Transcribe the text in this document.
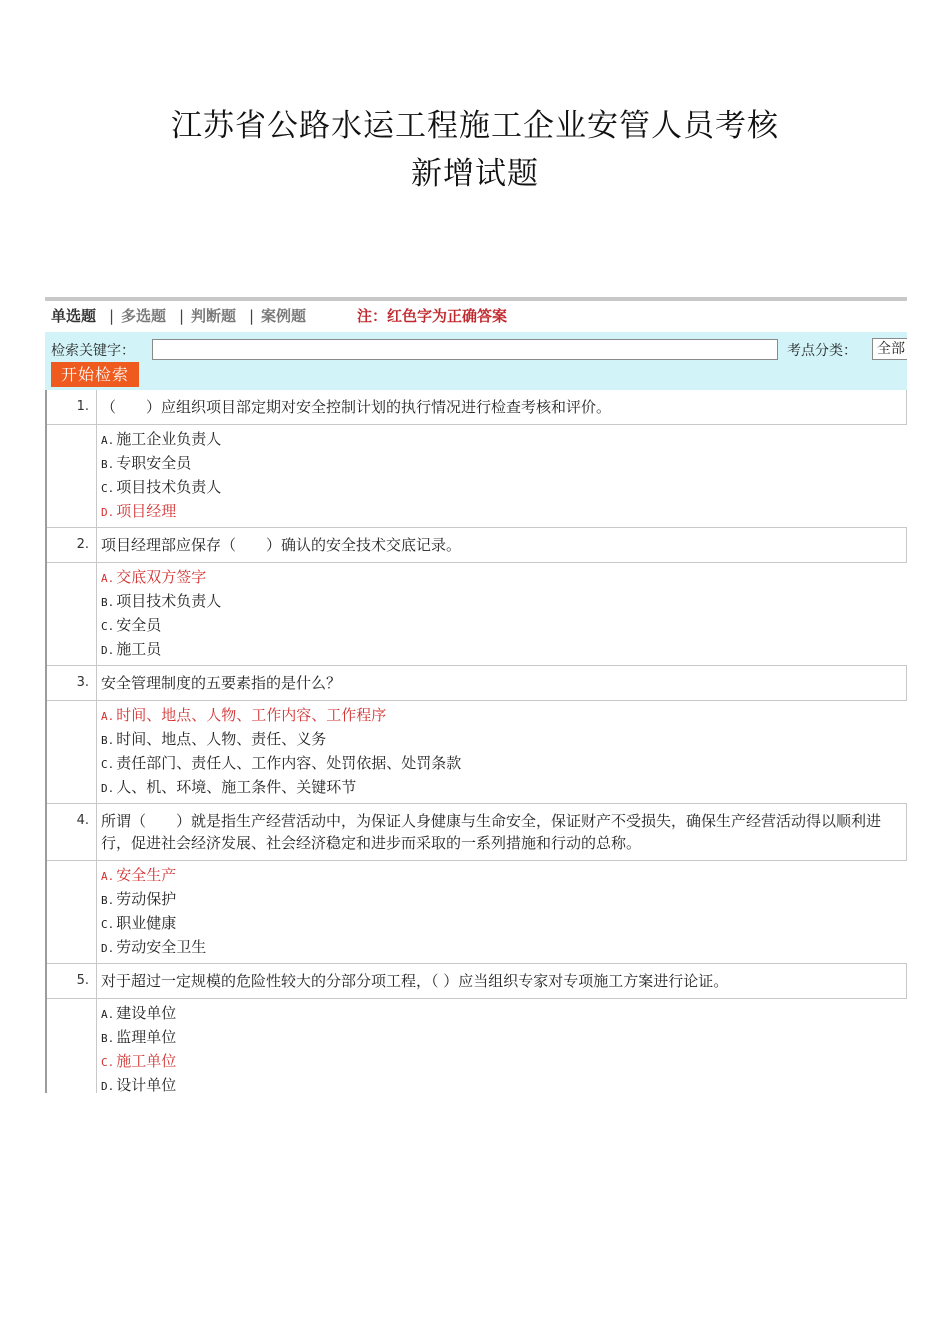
江苏省公路水运工程施工企业安管人员考核
新增试题
单选题 | 多选题 | 判断题 | 案例题	注：红色字为正确答案
检索关键字：	考点分类：	全部
开始检索
1. （　　）应组织项目部定期对安全控制计划的执行情况进行检查考核和评价。
A. 施工企业负责人
B. 专职安全员
C. 项目技术负责人
D. 项目经理
2. 项目经理部应保存（　　）确认的安全技术交底记录。
A. 交底双方签字
B. 项目技术负责人
C. 安全员
D. 施工员
3. 安全管理制度的五要素指的是什么？
A. 时间、地点、人物、工作内容、工作程序
B. 时间、地点、人物、责任、义务
C. 责任部门、责任人、工作内容、处罚依据、处罚条款
D. 人、机、环境、施工条件、关键环节
4. 所谓（　　）就是指生产经营活动中，为保证人身健康与生命安全，保证财产不受损失，确保生产经营活动得以顺利进行，促进社会经济发展、社会经济稳定和进步而采取的一系列措施和行动的总称。
A. 安全生产
B. 劳动保护
C. 职业健康
D. 劳动安全卫生
5. 对于超过一定规模的危险性较大的分部分项工程，（ ）应当组织专家对专项施工方案进行论证。
A. 建设单位
B. 监理单位
C. 施工单位
D. 设计单位
